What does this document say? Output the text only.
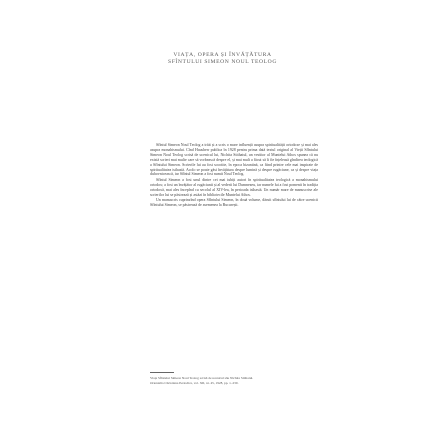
VIAȚA, OPERA ȘI ÎNVĂȚĂTURA
SFÎNTULUI SIMEON NOUL TEOLOG

Sfîntul Simeon Noul Teolog a trăit și a scris o mare influență asupra spiritualității ortodoxe și mai ales asupra monahismului. Cînd Hausherr publica în 1928 pentru prima dată textul original al Vieții Sfîntului Simeon Noul Teolog scrisă de ucenicul lui, Nichita Stithatul, un vestitor al Muntelui Athos spunea că nu există scrieri mai multe care să vorbească despre el, și mai mult a făcut să îi fie înțeleasă gîndirea teologică a Sfîntului Simeon. Scrierile lui au fost socotite, în epoca bizantină, ca fiind printre cele mai inspirate de spiritualitatea isihastă. Acolo se poate găsi învățătura despre lumină și despre rugăciune, ca și despre viața duhovnicească, iar Sfîntul Simeon a fost numit Noul Teolog.

Sfîntul Simeon a fost unul dintre cei mai iubiți autori în spiritualitatea teologică a monahismului ortodox; a fost un învățător al rugăciunii și al vederii lui Dumnezeu, iar numele lui a fost pomenit în tradiția ortodoxă, mai ales începînd cu secolul al XIV-lea, în perioada isihastă. Un număr mare de manuscrise ale scrierilor lui se păstrează și astăzi în bibliotecile Muntelui Athos.

Un manuscris cuprinzînd opera Sfîntului Simeon, în două volume, dăruit sfîntului lui de către ucenicii Sfîntului Simeon, se păstrează de asemenea la București.

Viața Sfîntului Simeon Noul Teolog scrisă de ucenicul său Nichita Stithatul.

Orientalia Christiana Periodica, vol. XII, nr. 45, 1928, pp. 1–230.
